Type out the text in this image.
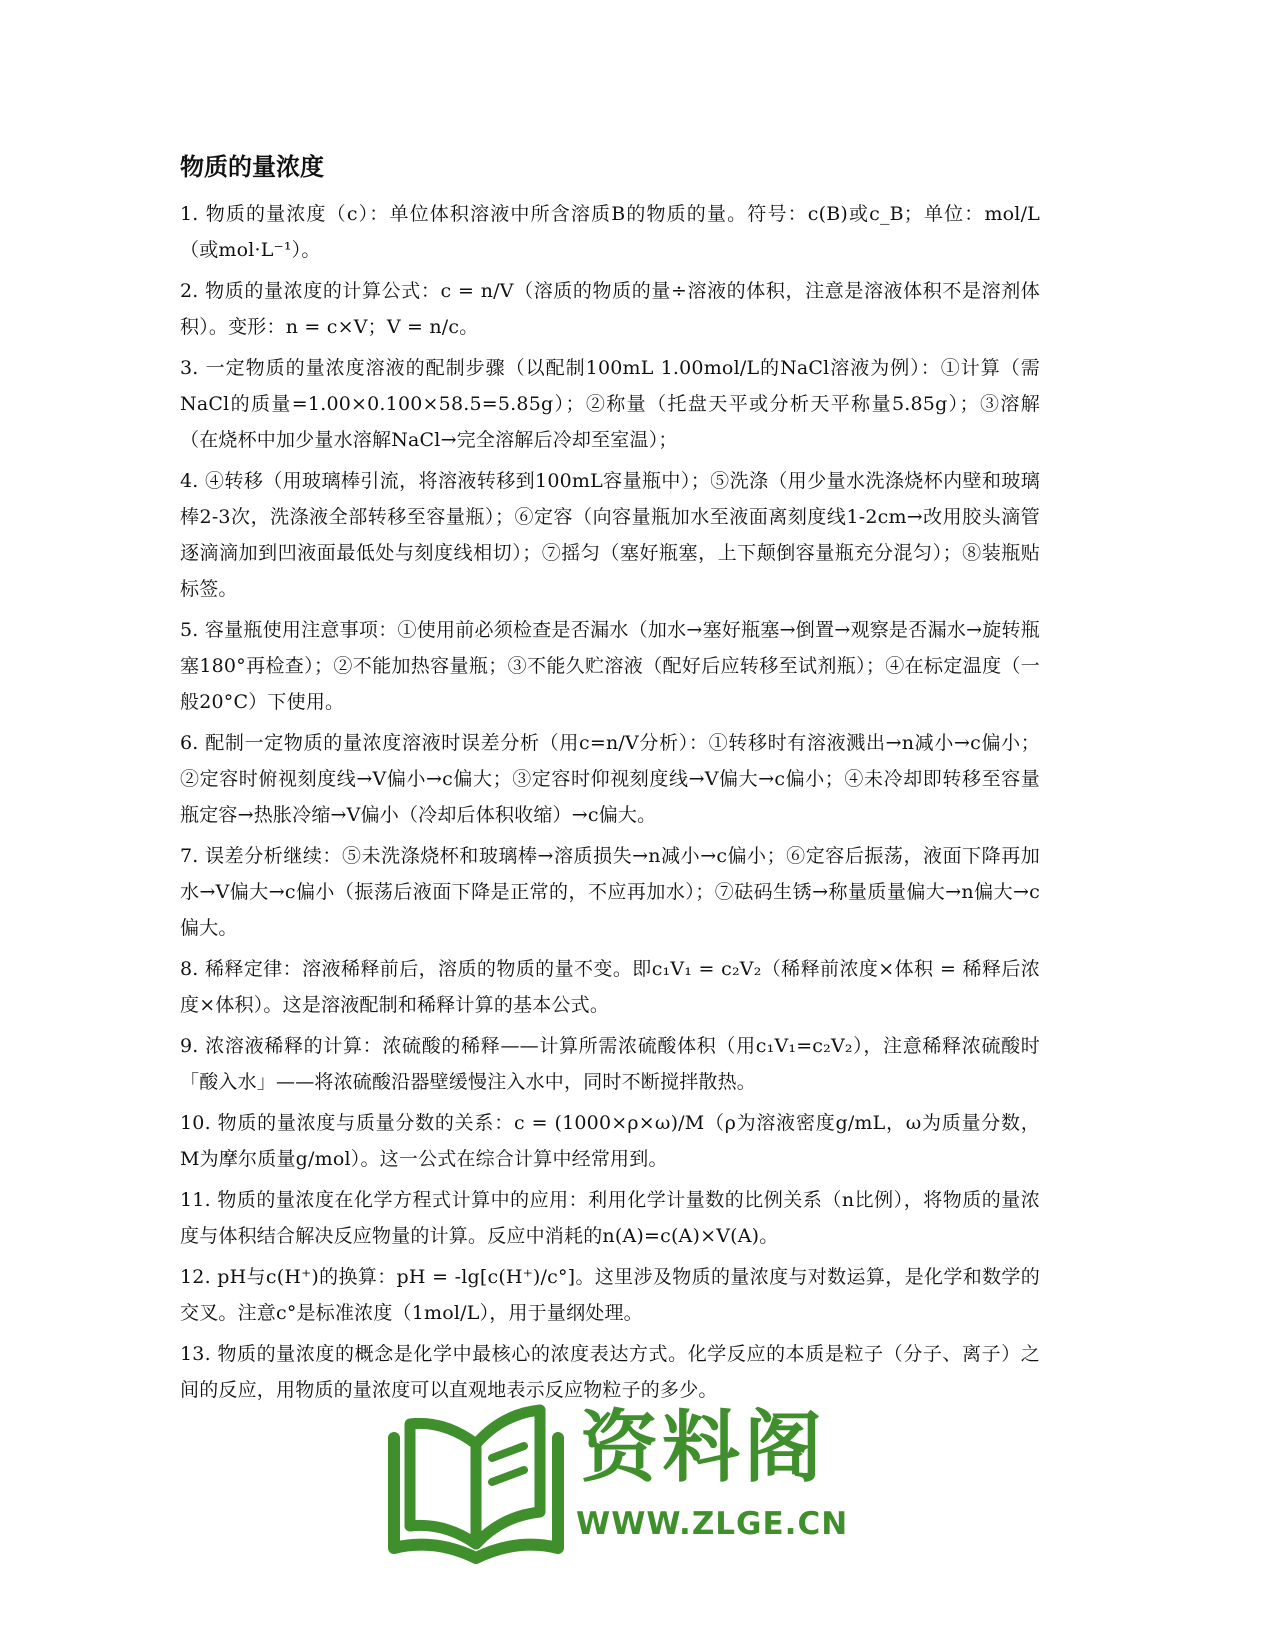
物质的量浓度

1. 物质的量浓度（c）：单位体积溶液中所含溶质B的物质的量。符号：c(B)或c_B；单位：mol/L（或mol·L⁻¹）。

2. 物质的量浓度的计算公式：c = n/V（溶质的物质的量÷溶液的体积，注意是溶液体积不是溶剂体积）。变形：n = c×V；V = n/c。

3. 一定物质的量浓度溶液的配制步骤（以配制100mL 1.00mol/L的NaCl溶液为例）：①计算（需NaCl的质量=1.00×0.100×58.5=5.85g）；②称量（托盘天平或分析天平称量5.85g）；③溶解（在烧杯中加少量水溶解NaCl→完全溶解后冷却至室温）；

4. ④转移（用玻璃棒引流，将溶液转移到100mL容量瓶中）；⑤洗涤（用少量水洗涤烧杯内壁和玻璃棒2-3次，洗涤液全部转移至容量瓶）；⑥定容（向容量瓶加水至液面离刻度线1-2cm→改用胶头滴管逐滴滴加到凹液面最低处与刻度线相切）；⑦摇匀（塞好瓶塞，上下颠倒容量瓶充分混匀）；⑧装瓶贴标签。

5. 容量瓶使用注意事项：①使用前必须检查是否漏水（加水→塞好瓶塞→倒置→观察是否漏水→旋转瓶塞180°再检查）；②不能加热容量瓶；③不能久贮溶液（配好后应转移至试剂瓶）；④在标定温度（一般20°C）下使用。

6. 配制一定物质的量浓度溶液时误差分析（用c=n/V分析）：①转移时有溶液溅出→n减小→c偏小；②定容时俯视刻度线→V偏小→c偏大；③定容时仰视刻度线→V偏大→c偏小；④未冷却即转移至容量瓶定容→热胀冷缩→V偏小（冷却后体积收缩）→c偏大。

7. 误差分析继续：⑤未洗涤烧杯和玻璃棒→溶质损失→n减小→c偏小；⑥定容后振荡，液面下降再加水→V偏大→c偏小（振荡后液面下降是正常的，不应再加水）；⑦砝码生锈→称量质量偏大→n偏大→c偏大。

8. 稀释定律：溶液稀释前后，溶质的物质的量不变。即c₁V₁ = c₂V₂（稀释前浓度×体积 = 稀释后浓度×体积）。这是溶液配制和稀释计算的基本公式。

9. 浓溶液稀释的计算：浓硫酸的稀释——计算所需浓硫酸体积（用c₁V₁=c₂V₂），注意稀释浓硫酸时「酸入水」——将浓硫酸沿器壁缓慢注入水中，同时不断搅拌散热。

10. 物质的量浓度与质量分数的关系：c = (1000×ρ×ω)/M（ρ为溶液密度g/mL，ω为质量分数，M为摩尔质量g/mol）。这一公式在综合计算中经常用到。

11. 物质的量浓度在化学方程式计算中的应用：利用化学计量数的比例关系（n比例），将物质的量浓度与体积结合解决反应物量的计算。反应中消耗的n(A)=c(A)×V(A)。

12. pH与c(H⁺)的换算：pH = -lg[c(H⁺)/c°]。这里涉及物质的量浓度与对数运算，是化学和数学的交叉。注意c°是标准浓度（1mol/L），用于量纲处理。

13. 物质的量浓度的概念是化学中最核心的浓度表达方式。化学反应的本质是粒子（分子、离子）之间的反应，用物质的量浓度可以直观地表示反应物粒子的多少。

资料阁
WWW.ZLGE.CN
